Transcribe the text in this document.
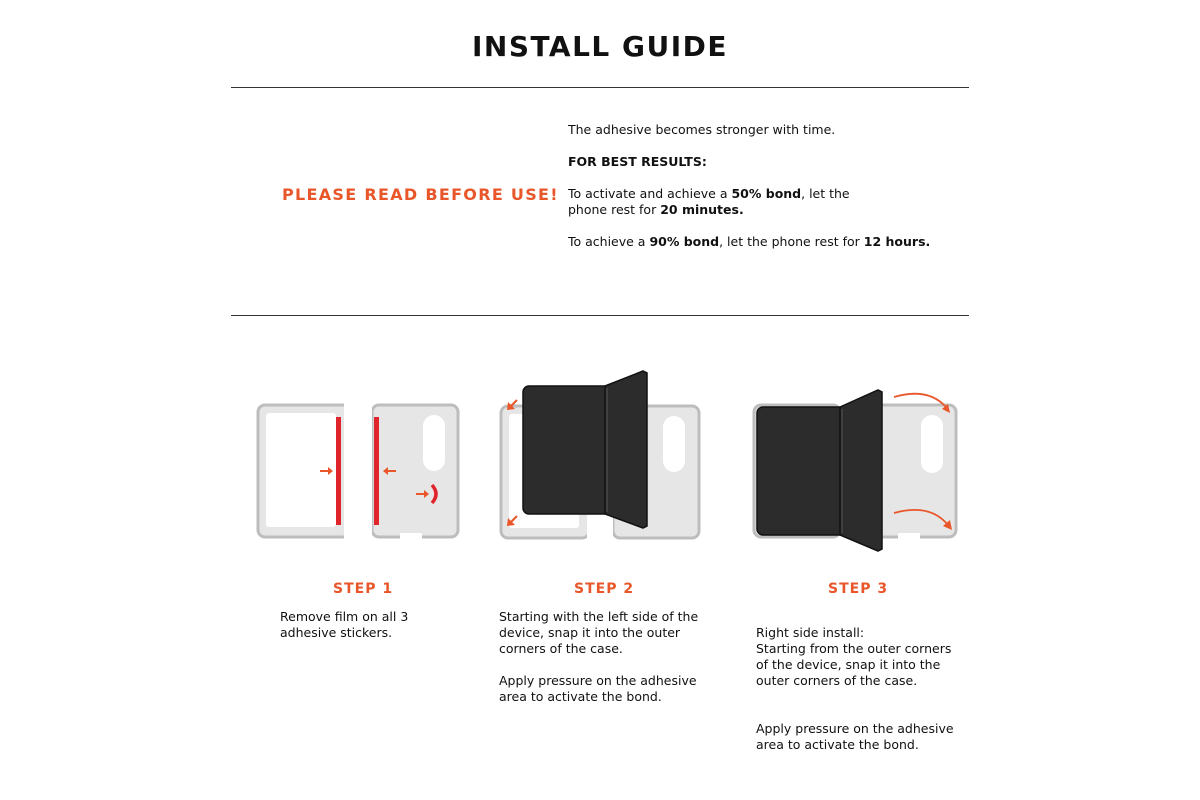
INSTALL GUIDE
PLEASE READ BEFORE USE!

The adhesive becomes stronger with time.

FOR BEST RESULTS:

To activate and achieve a 50% bond, let the phone rest for 20 minutes.

To achieve a 90% bond, let the phone rest for 12 hours.

STEP 1

Remove film on all 3 adhesive stickers.

STEP 2

Starting with the left side of the device, snap it into the outer corners of the case.

Apply pressure on the adhesive area to activate the bond.

STEP 3

Right side install:
Starting from the outer corners of the device, snap it into the outer corners of the case.

Apply pressure on the adhesive area to activate the bond.
